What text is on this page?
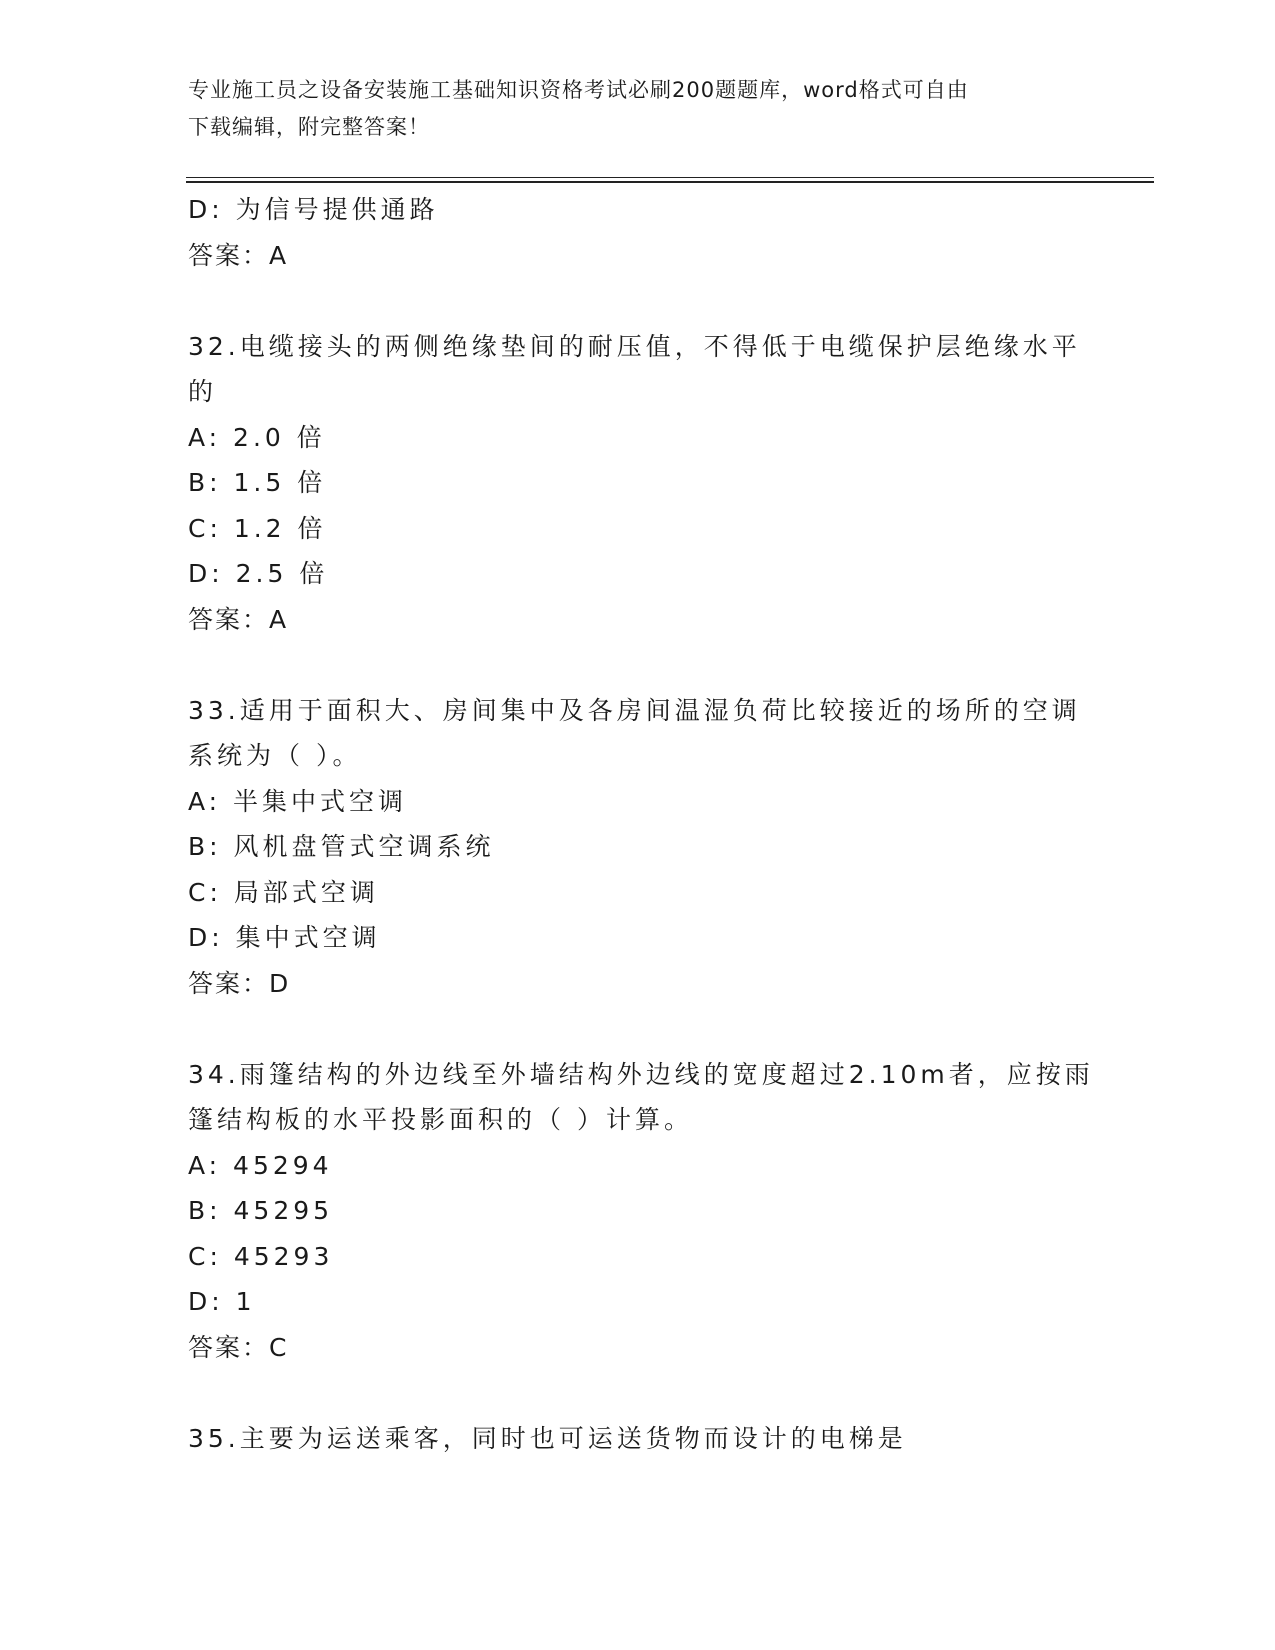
专业施工员之设备安装施工基础知识资格考试必刷200题题库，word格式可自由
下载编辑，附完整答案！
D: 为信号提供通路
答案：A
32.电缆接头的两侧绝缘垫间的耐压值，不得低于电缆保护层绝缘水平
的
A: 2.0 倍
B: 1.5 倍
C: 1.2 倍
D: 2.5 倍
答案：A
33.适用于面积大、房间集中及各房间温湿负荷比较接近的场所的空调
系统为（ ）。
A: 半集中式空调
B: 风机盘管式空调系统
C: 局部式空调
D: 集中式空调
答案：D
34.雨篷结构的外边线至外墙结构外边线的宽度超过2.10m者，应按雨
篷结构板的水平投影面积的（ ）计算。
A: 45294
B: 45295
C: 45293
D: 1
答案：C
35.主要为运送乘客，同时也可运送货物而设计的电梯是
